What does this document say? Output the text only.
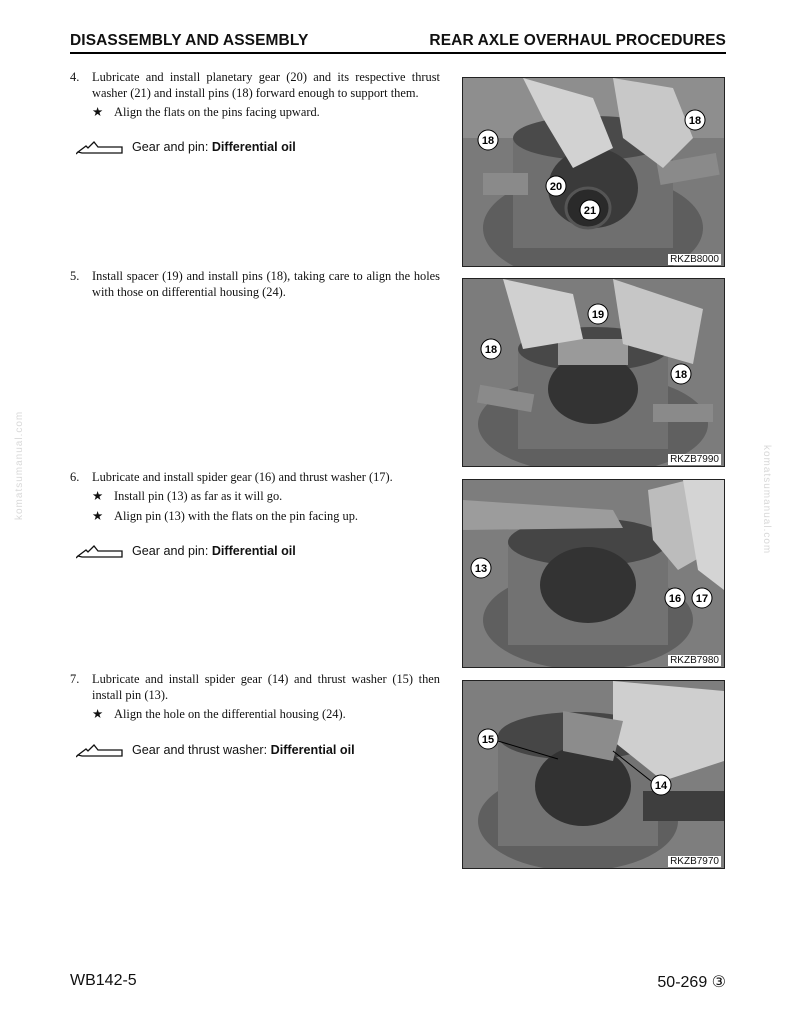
DISASSEMBLY AND ASSEMBLY	REAR AXLE OVERHAUL PROCEDURES
4. Lubricate and install planetary gear (20) and its respective thrust washer (21) and install pins (18) forward enough to support them.
★ Align the flats on the pins facing upward.
Gear and pin: Differential oil	18
18
20
21
RKZB8000
5. Install spacer (19) and install pins (18), taking care to align the holes with those on differential housing (24).
19
18
18
RKZB7990
6. Lubricate and install spider gear (16) and thrust washer (17).
★ Install pin (13) as far as it will go.
★ Align pin (13) with the flats on the pin facing up.
Gear and pin: Differential oil
13
16 17
RKZB7980
7. Lubricate and install spider gear (14) and thrust washer (15) then install pin (13).
★ Align the hole on the differential housing (24).
Gear and thrust washer: Differential oil
15
14
RKZB7970
komatsumanual.com	komatsumanual.com
WB142-5	50-269 ③
